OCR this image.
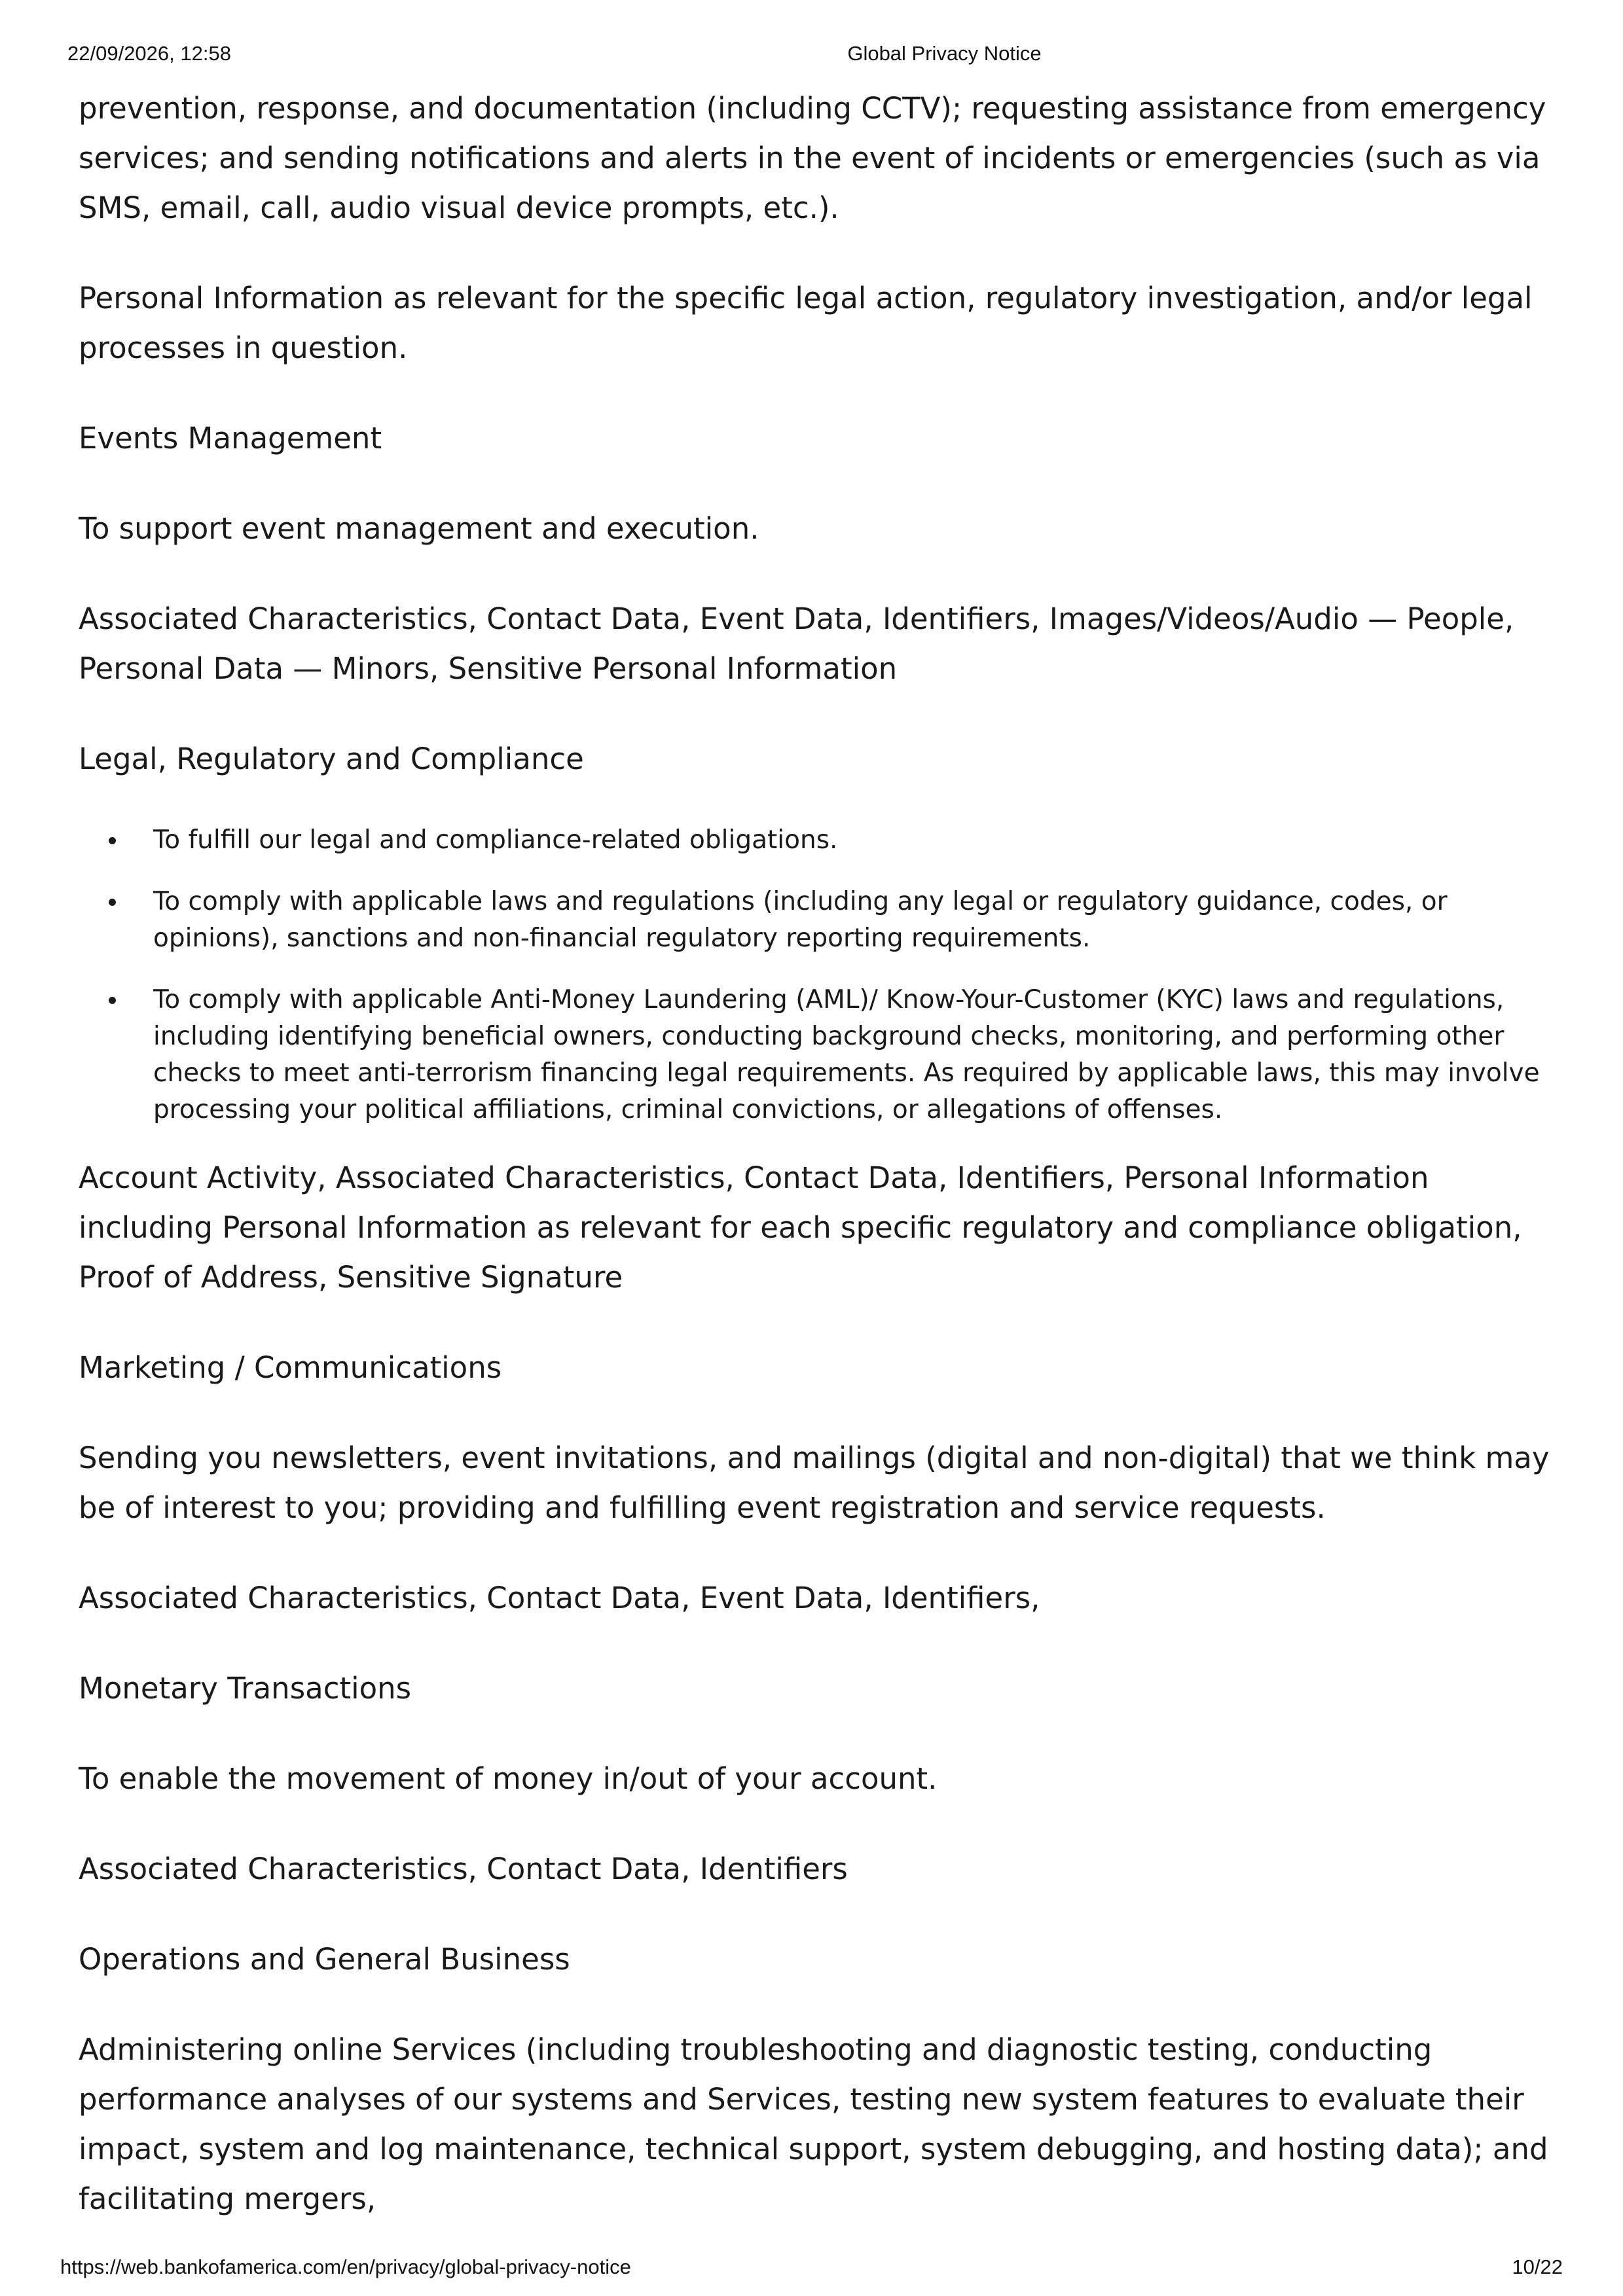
22/09/2026, 12:58	Global Privacy Notice

prevention, response, and documentation (including CCTV); requesting assistance from emergency services; and sending notifications and alerts in the event of incidents or emergencies (such as via SMS, email, call, audio visual device prompts, etc.).

Personal Information as relevant for the specific legal action, regulatory investigation, and/or legal processes in question.

Events Management

To support event management and execution.

Associated Characteristics, Contact Data, Event Data, Identifiers, Images/Videos/Audio — People, Personal Data — Minors, Sensitive Personal Information

Legal, Regulatory and Compliance

To fulfill our legal and compliance-related obligations.
To comply with applicable laws and regulations (including any legal or regulatory guidance, codes, or opinions), sanctions and non-financial regulatory reporting requirements.
To comply with applicable Anti-Money Laundering (AML)/ Know-Your-Customer (KYC) laws and regulations, including identifying beneficial owners, conducting background checks, monitoring, and performing other checks to meet anti-terrorism financing legal requirements. As required by applicable laws, this may involve processing your political affiliations, criminal convictions, or allegations of offenses.

Account Activity, Associated Characteristics, Contact Data, Identifiers, Personal Information including Personal Information as relevant for each specific regulatory and compliance obligation, Proof of Address, Sensitive Signature

Marketing / Communications

Sending you newsletters, event invitations, and mailings (digital and non-digital) that we think may be of interest to you; providing and fulfilling event registration and service requests.

Associated Characteristics, Contact Data, Event Data, Identifiers,

Monetary Transactions

To enable the movement of money in/out of your account.

Associated Characteristics, Contact Data, Identifiers

Operations and General Business

Administering online Services (including troubleshooting and diagnostic testing, conducting performance analyses of our systems and Services, testing new system features to evaluate their impact, system and log maintenance, technical support, system debugging, and hosting data); and facilitating mergers,

https://web.bankofamerica.com/en/privacy/global-privacy-notice	10/22
